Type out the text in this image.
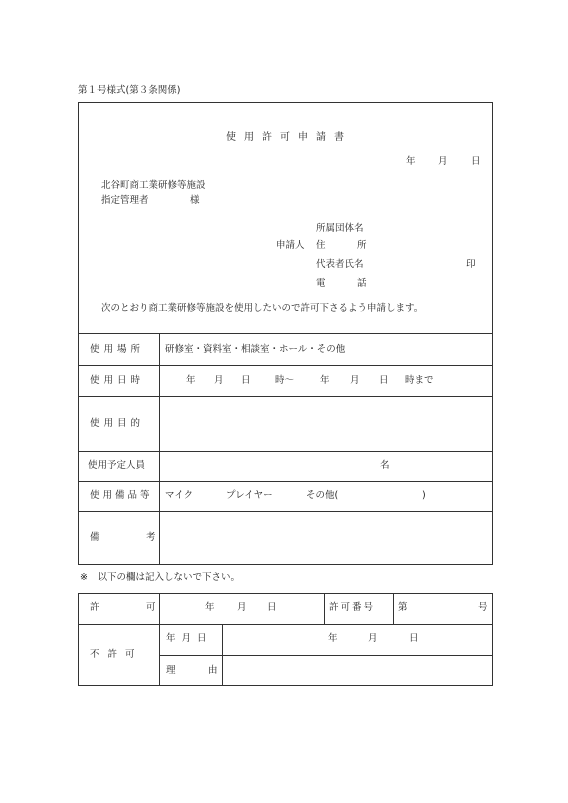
第１号様式(第３条関係)
使用許可申請書
年 月 日
北谷町商工業研修等施設
指定管理者	様
所属団体名
申請人 住	所
代表者氏名	印
電	話
次のとおり商工業研修等施設を使用したいので許可下さるよう申請します。
使用場所 研修室・資料室・相談室・ホール・その他
使用日時	年 月 日	時～	年 月 日 時まで
使用目的
使用予定人員	名
使用備品等 マイク	プレイヤー	その他(	)
備	考
※　以下の欄は記入しないで下さい。
許	可	年 月 日	許可番号 第	号
不許可
年月日	年	月	日
理	由
